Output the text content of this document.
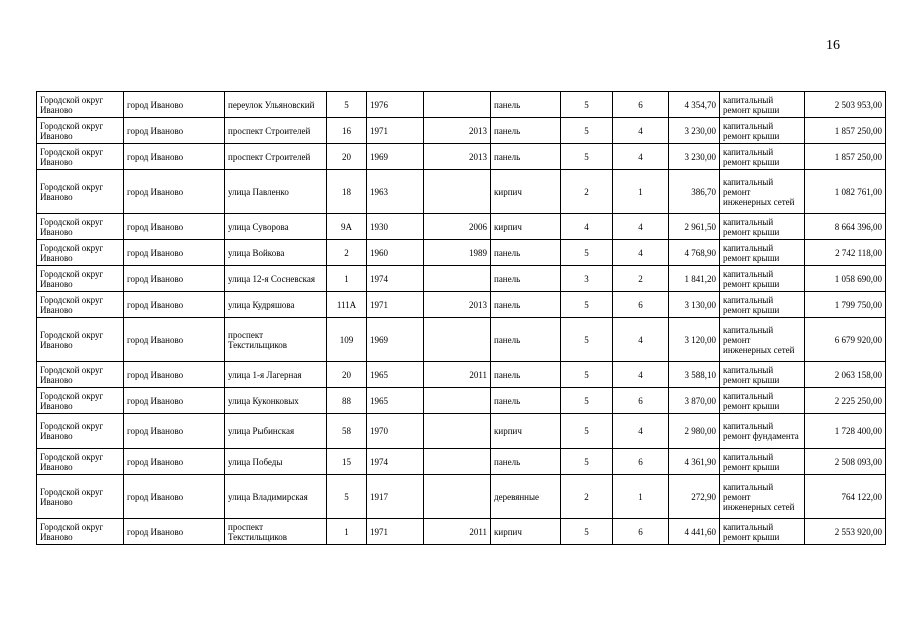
16
Городской округ Иваново	город Иваново	переулок Ульяновский	5	1976		панель	5	6	4 354,70	капитальный ремонт крыши	2 503 953,00
Городской округ Иваново	город Иваново	проспект Строителей	16	1971	2013	панель	5	4	3 230,00	капитальный ремонт крыши	1 857 250,00
Городской округ Иваново	город Иваново	проспект Строителей	20	1969	2013	панель	5	4	3 230,00	капитальный ремонт крыши	1 857 250,00
Городской округ Иваново	город Иваново	улица Павленко	18	1963		кирпич	2	1	386,70	капитальный ремонт инженерных сетей	1 082 761,00
Городской округ Иваново	город Иваново	улица Суворова	9А	1930	2006	кирпич	4	4	2 961,50	капитальный ремонт крыши	8 664 396,00
Городской округ Иваново	город Иваново	улица Войкова	2	1960	1989	панель	5	4	4 768,90	капитальный ремонт крыши	2 742 118,00
Городской округ Иваново	город Иваново	улица 12-я Сосневская	1	1974		панель	3	2	1 841,20	капитальный ремонт крыши	1 058 690,00
Городской округ Иваново	город Иваново	улица Кудряшова	111А	1971	2013	панель	5	6	3 130,00	капитальный ремонт крыши	1 799 750,00
Городской округ Иваново	город Иваново	проспект Текстильщиков	109	1969		панель	5	4	3 120,00	капитальный ремонт инженерных сетей	6 679 920,00
Городской округ Иваново	город Иваново	улица 1-я Лагерная	20	1965	2011	панель	5	4	3 588,10	капитальный ремонт крыши	2 063 158,00
Городской округ Иваново	город Иваново	улица Куконковых	88	1965		панель	5	6	3 870,00	капитальный ремонт крыши	2 225 250,00
Городской округ Иваново	город Иваново	улица Рыбинская	58	1970		кирпич	5	4	2 980,00	капитальный ремонт фундамента	1 728 400,00
Городской округ Иваново	город Иваново	улица Победы	15	1974		панель	5	6	4 361,90	капитальный ремонт крыши	2 508 093,00
Городской округ Иваново	город Иваново	улица Владимирская	5	1917		деревянные	2	1	272,90	капитальный ремонт инженерных сетей	764 122,00
Городской округ Иваново	город Иваново	проспект Текстильщиков	1	1971	2011	кирпич	5	6	4 441,60	капитальный ремонт крыши	2 553 920,00
